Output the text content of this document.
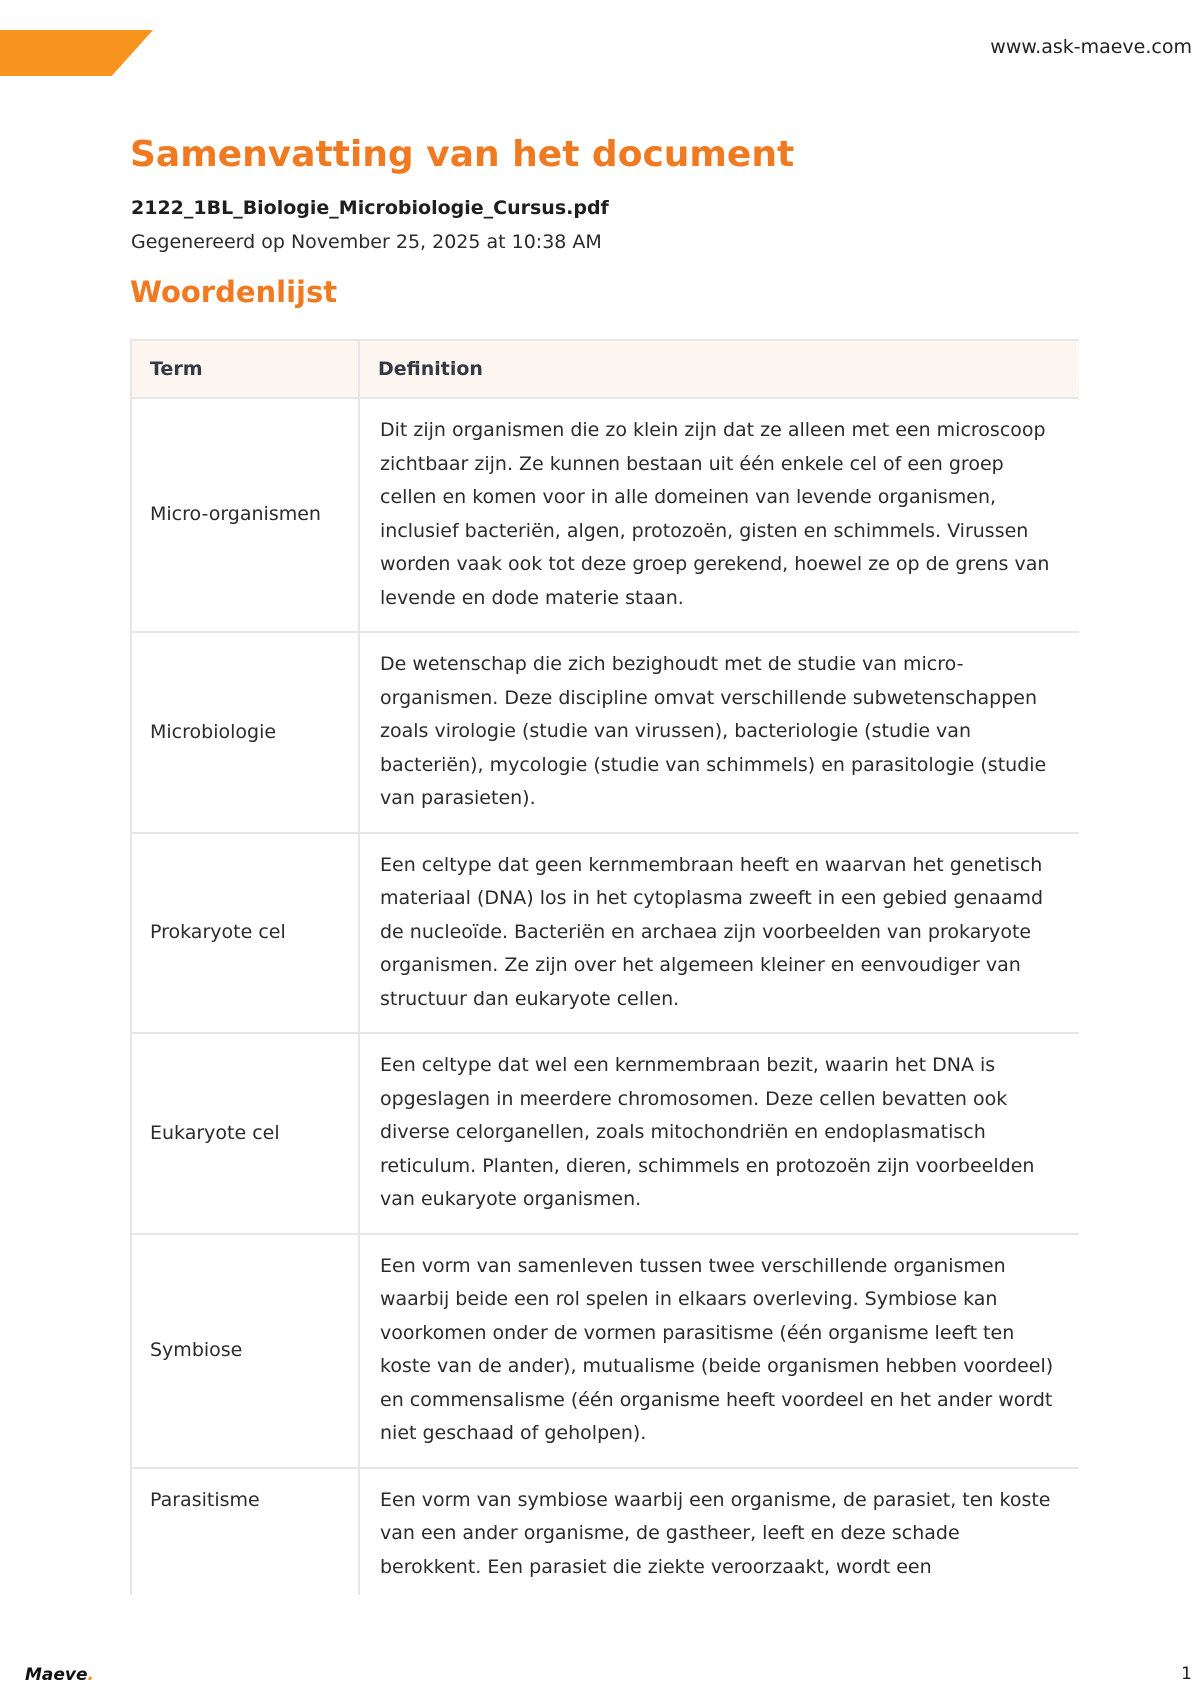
www.ask-maeve.com
Samenvatting van het document
2122_1BL_Biologie_Microbiologie_Cursus.pdf
Gegenereerd op November 25, 2025 at 10:38 AM
Woordenlijst
Term	Definition
Micro-organismen	Dit zijn organismen die zo klein zijn dat ze alleen met een microscoop zichtbaar zijn. Ze kunnen bestaan uit één enkele cel of een groep cellen en komen voor in alle domeinen van levende organismen, inclusief bacteriën, algen, protozoën, gisten en schimmels. Virussen worden vaak ook tot deze groep gerekend, hoewel ze op de grens van levende en dode materie staan.
Microbiologie	De wetenschap die zich bezighoudt met de studie van micro-organismen. Deze discipline omvat verschillende subwetenschappen zoals virologie (studie van virussen), bacteriologie (studie van bacteriën), mycologie (studie van schimmels) en parasitologie (studie van parasieten).
Prokaryote cel	Een celtype dat geen kernmembraan heeft en waarvan het genetisch materiaal (DNA) los in het cytoplasma zweeft in een gebied genaamd de nucleoïde. Bacteriën en archaea zijn voorbeelden van prokaryote organismen. Ze zijn over het algemeen kleiner en eenvoudiger van structuur dan eukaryote cellen.
Eukaryote cel	Een celtype dat wel een kernmembraan bezit, waarin het DNA is opgeslagen in meerdere chromosomen. Deze cellen bevatten ook diverse celorganellen, zoals mitochondriën en endoplasmatisch reticulum. Planten, dieren, schimmels en protozoën zijn voorbeelden van eukaryote organismen.
Symbiose	Een vorm van samenleven tussen twee verschillende organismen waarbij beide een rol spelen in elkaars overleving. Symbiose kan voorkomen onder de vormen parasitisme (één organisme leeft ten koste van de ander), mutualisme (beide organismen hebben voordeel) en commensalisme (één organisme heeft voordeel en het ander wordt niet geschaad of geholpen).
Parasitisme	Een vorm van symbiose waarbij een organisme, de parasiet, ten koste van een ander organisme, de gastheer, leeft en deze schade berokkent. Een parasiet die ziekte veroorzaakt, wordt een
Maeve.	1
